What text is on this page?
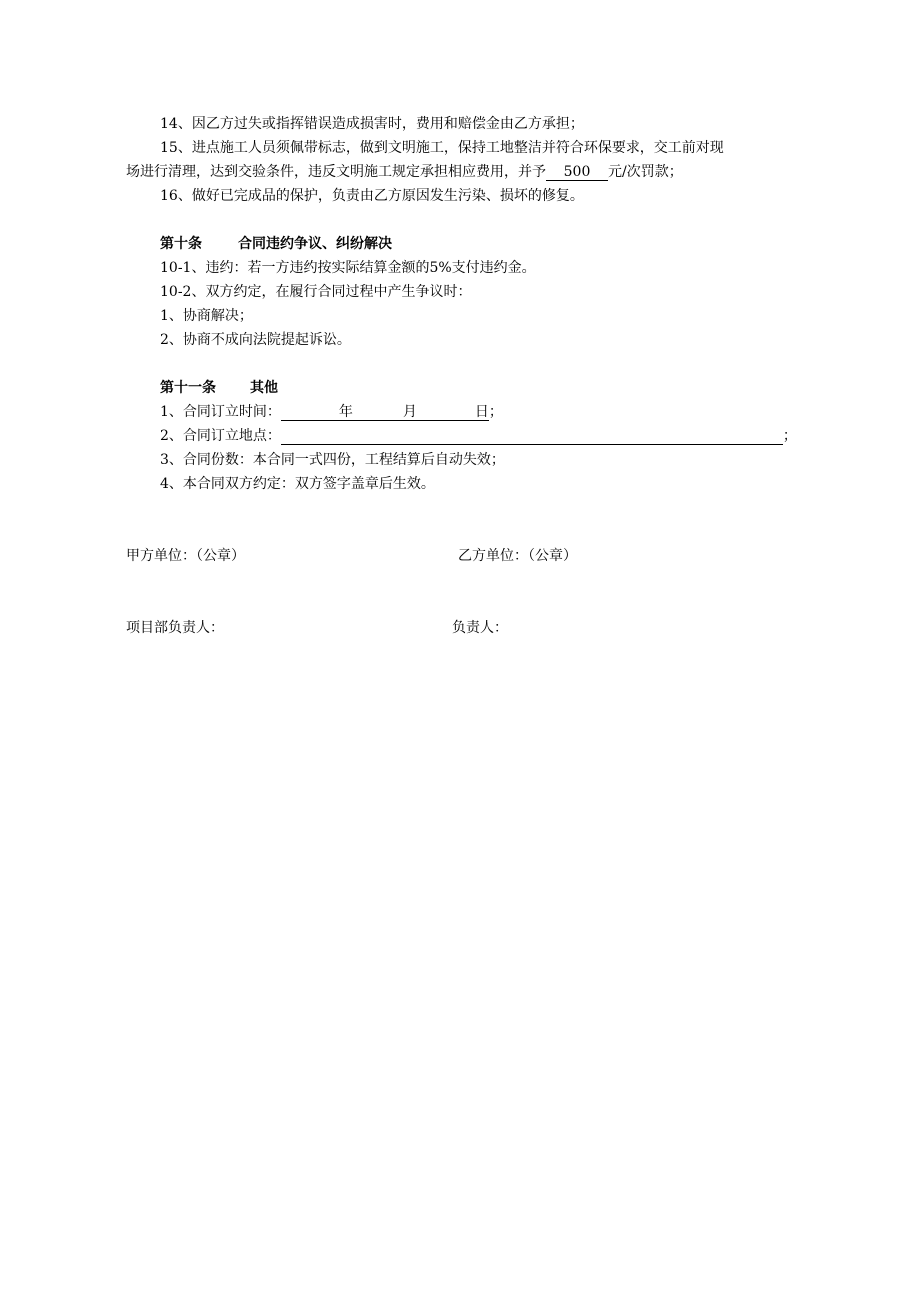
14、因乙方过失或指挥错误造成损害时，费用和赔偿金由乙方承担；
15、进点施工人员须佩带标志，做到文明施工，保持工地整洁并符合环保要求，交工前对现
场进行清理，达到交验条件，违反文明施工规定承担相应费用，并予 500 元/次罚款；
16、做好已完成品的保护，负责由乙方原因发生污染、损坏的修复。
第十条	合同违约争议、纠纷解决
10-1、违约：若一方违约按实际结算金额的5%支付违约金。
10-2、双方约定，在履行合同过程中产生争议时：
1、协商解决；
2、协商不成向法院提起诉讼。
第十一条 其他
1、合同订立时间：	年	月	日；

2、合同订立地点：	；
3、合同份数：本合同一式四份，工程结算后自动失效；
4、本合同双方约定：双方签字盖章后生效。
甲方单位：（公章）	乙方单位：（公章）
项目部负责人：	负责人：
